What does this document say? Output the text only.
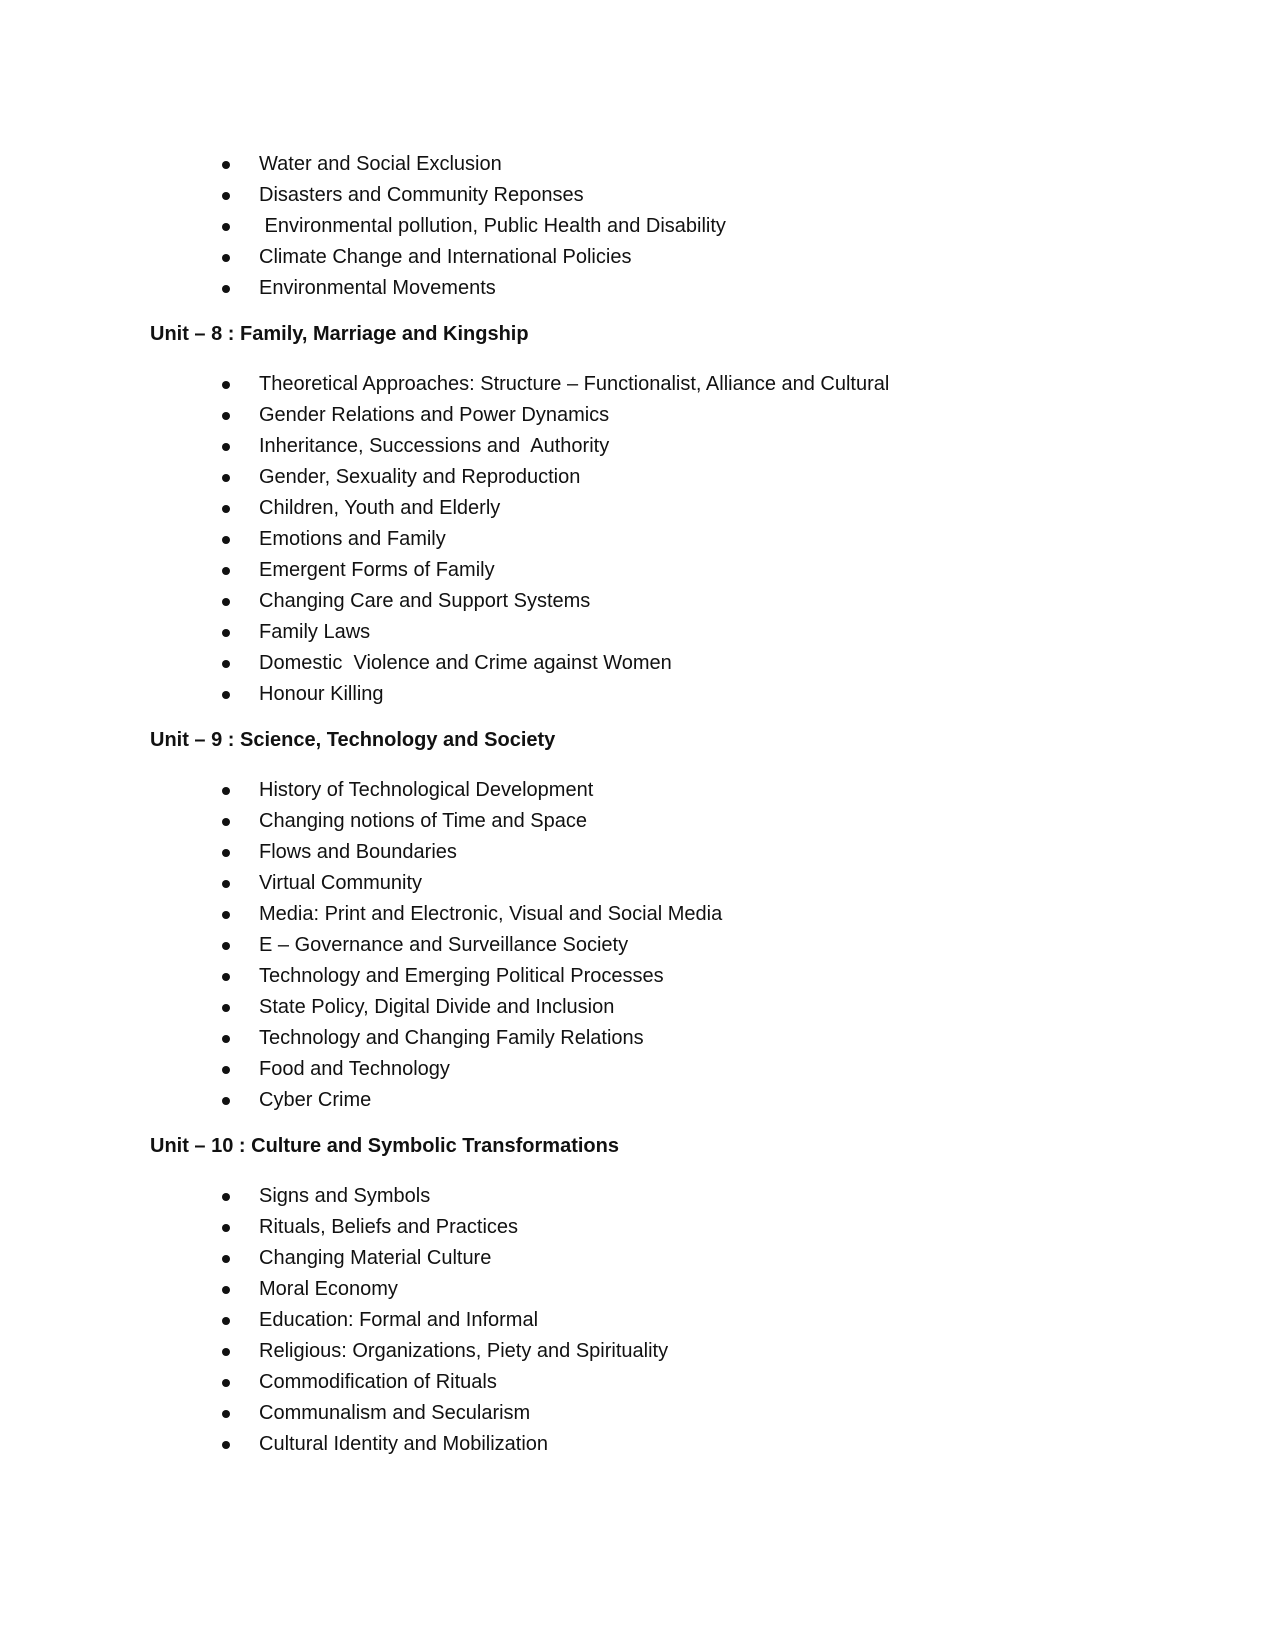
Water and Social Exclusion
Disasters and Community Reponses
Environmental pollution, Public Health and Disability
Climate Change and International Policies
Environmental Movements
Unit – 8 : Family, Marriage and Kingship
Theoretical Approaches: Structure – Functionalist, Alliance and Cultural
Gender Relations and Power Dynamics
Inheritance, Successions and  Authority
Gender, Sexuality and Reproduction
Children, Youth and Elderly
Emotions and Family
Emergent Forms of Family
Changing Care and Support Systems
Family Laws
Domestic  Violence and Crime against Women
Honour Killing
Unit – 9 : Science, Technology and Society
History of Technological Development
Changing notions of Time and Space
Flows and Boundaries
Virtual Community
Media: Print and Electronic, Visual and Social Media
E – Governance and Surveillance Society
Technology and Emerging Political Processes
State Policy, Digital Divide and Inclusion
Technology and Changing Family Relations
Food and Technology
Cyber Crime
Unit – 10 : Culture and Symbolic Transformations
Signs and Symbols
Rituals, Beliefs and Practices
Changing Material Culture
Moral Economy
Education: Formal and Informal
Religious: Organizations, Piety and Spirituality
Commodification of Rituals
Communalism and Secularism
Cultural Identity and Mobilization
